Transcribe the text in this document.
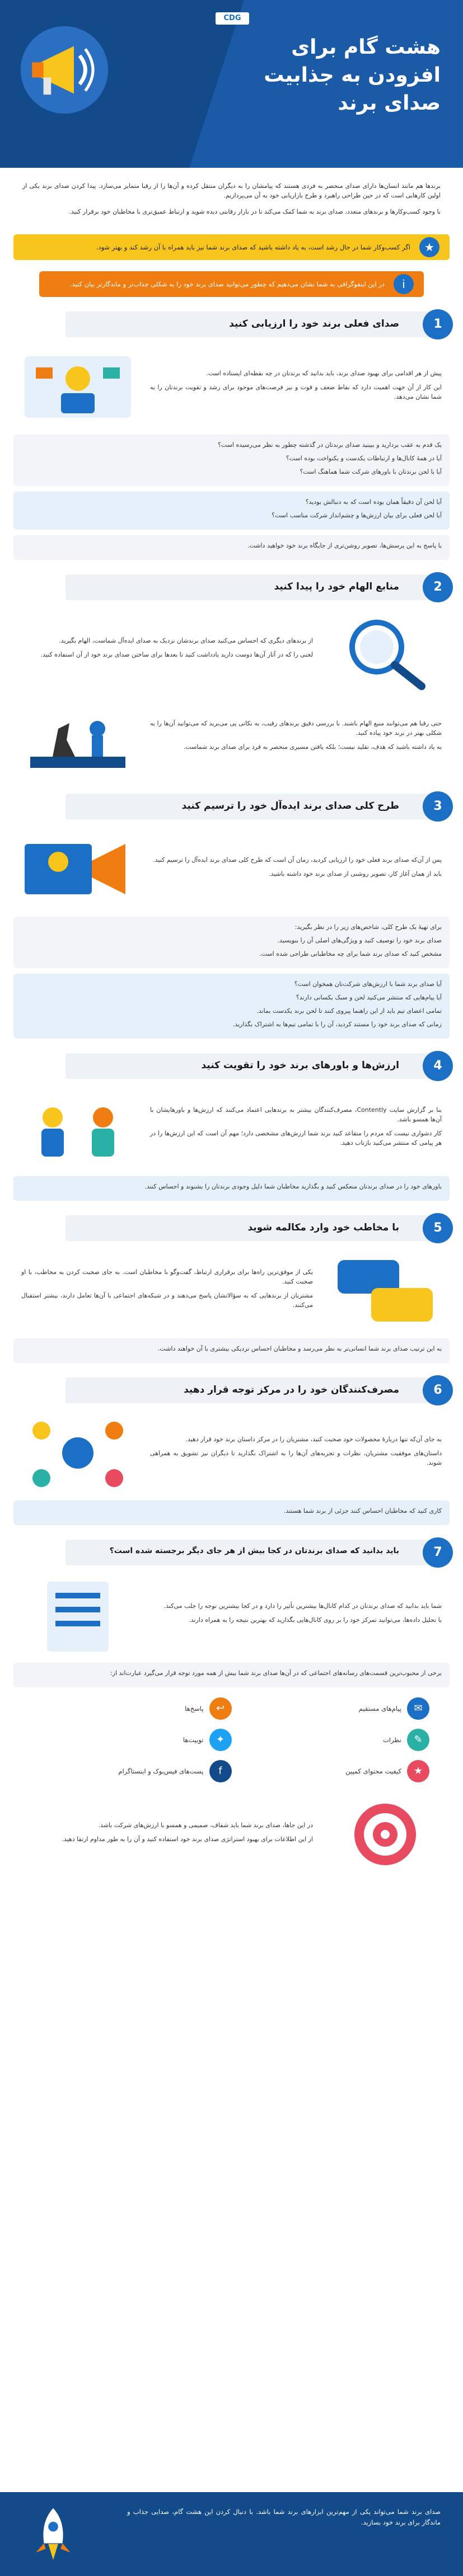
CDG
هشت گام برای افزودن به جذابیت صدای برند

برندها هم مانند انسان‌ها دارای صدای منحصر به فردی هستند که پیامشان را به دیگران منتقل کرده و آن‌ها را از رقبا متمایز می‌سازد. پیدا کردن صدای برند یکی از اولین کارهایی است که در حین طراحی راهبرد و طرح بازاریابی خود به آن می‌پردازیم.

با وجود کسب‌وکارها و برندهای متعدد، صدای برند به شما کمک می‌کند تا در بازار رقابتی دیده شوید و ارتباط عمیق‌تری با مخاطبان خود برقرار کنید.

★
اگر کسب‌وکار شما در حال رشد است، به یاد داشته باشید که صدای برند شما نیز باید همراه با آن رشد کند و بهتر شود.
i
در این اینفوگرافی به شما نشان می‌دهیم که چطور می‌توانید صدای برند خود را به شکلی جذاب‌تر و ماندگارتر بیان کنید.
1
صدای فعلی برند خود را ارزیابی کنید

پیش از هر اقدامی برای بهبود صدای برند، باید بدانید که برندتان در چه نقطه‌ای ایستاده است.

این کار از آن جهت اهمیت دارد که نقاط ضعف و قوت و نیز فرصت‌های موجود برای رشد و تقویت برندتان را به شما نشان می‌دهد.

یک قدم به عقب بردارید و ببینید صدای برندتان در گذشته چطور به نظر می‌رسیده است؟

آیا در همهٔ کانال‌ها و ارتباطات یکدست و یکنواخت بوده است؟

آیا با لحن برندتان با باورهای شرکت شما هماهنگ است؟

آیا لحن آن دقیقاً همان بوده است که به دنبالش بودید؟

آیا لحن فعلی برای بیان ارزش‌ها و چشم‌انداز شرکت مناسب است؟

با پاسخ به این پرسش‌ها، تصویر روشن‌تری از جایگاه برند خود خواهید داشت.

2
منابع الهام خود را پیدا کنید

از برندهای دیگری که احساس می‌کنید صدای برندشان نزدیک به صدای ایده‌آل شماست، الهام بگیرید.

لحنی را که در آثار آن‌ها دوست دارید یادداشت کنید تا بعدها برای ساختن صدای برند خود از آن استفاده کنید.

حتی رقبا هم می‌توانند منبع الهام باشند. با بررسی دقیق برندهای رقیب، به نکاتی پی می‌برید که می‌توانید آن‌ها را به شکلی بهتر در برند خود پیاده کنید.

به یاد داشته باشید که هدف، تقلید نیست؛ بلکه یافتن مسیری منحصر به فرد برای صدای برند شماست.

3
طرح کلی صدای برند ایده‌آل خود را ترسیم کنید

پس از آن‌که صدای برند فعلی خود را ارزیابی کردید، زمان آن است که طرح کلی صدای برند ایده‌آل را ترسیم کنید.

باید از همان آغاز کار، تصویر روشنی از صدای برند خود داشته باشید.

برای تهیهٔ یک طرح کلی، شاخص‌های زیر را در نظر بگیرید:

صدای برند خود را توصیف کنید و ویژگی‌های اصلی آن را بنویسید.

مشخص کنید که صدای برند شما برای چه مخاطبانی طراحی شده است.

آیا صدای برند شما با ارزش‌های شرکت‌تان همخوان است؟

آیا پیام‌هایی که منتشر می‌کنید لحن و سبک یکسانی دارند؟

تمامی اعضای تیم باید از این راهنما پیروی کنند تا لحن برند یکدست بماند.

زمانی که صدای برند خود را مستند کردید، آن را با تمامی تیم‌ها به اشتراک بگذارید.

4
ارزش‌ها و باورهای برند خود را تقویت کنید

بنا بر گزارش سایت Contently، مصرف‌کنندگان بیشتر به برندهایی اعتماد می‌کنند که ارزش‌ها و باورهایشان با آن‌ها همسو باشد.

کار دشواری نیست که مردم را متقاعد کنید برند شما ارزش‌های مشخصی دارد؛ مهم آن است که این ارزش‌ها را در هر پیامی که منتشر می‌کنید بازتاب دهید.

باورهای خود را در صدای برندتان منعکس کنید و بگذارید مخاطبان شما دلیل وجودی برندتان را بشنوند و احساس کنند.

5
با مخاطب خود وارد مکالمه شوید

یکی از موفق‌ترین راه‌ها برای برقراری ارتباط، گفت‌وگو با مخاطبان است. به جای صحبت کردن به مخاطب، با او صحبت کنید.

مشتریان از برندهایی که به سؤالاتشان پاسخ می‌دهند و در شبکه‌های اجتماعی با آن‌ها تعامل دارند، بیشتر استقبال می‌کنند.

به این ترتیب صدای برند شما انسانی‌تر به نظر می‌رسد و مخاطبان احساس نزدیکی بیشتری با آن خواهند داشت.

6
مصرف‌کنندگان خود را در مرکز توجه قرار دهید

به جای آن‌که تنها دربارهٔ محصولات خود صحبت کنید، مشتریان را در مرکز داستان برند خود قرار دهید.

داستان‌های موفقیت مشتریان، نظرات و تجربه‌های آن‌ها را به اشتراک بگذارید تا دیگران نیز تشویق به همراهی شوند.

کاری کنید که مخاطبان احساس کنند جزئی از برند شما هستند.

7
باید بدانید که صدای برندتان در کجا بیش از هر جای دیگر برجسته شده است؟

شما باید بدانید که صدای برندتان در کدام کانال‌ها بیشترین تأثیر را دارد و در کجا بیشترین توجه را جلب می‌کند.

با تحلیل داده‌ها، می‌توانید تمرکز خود را بر روی کانال‌هایی بگذارید که بهترین نتیجه را به همراه دارند.

برخی از محبوب‌ترین قسمت‌های رسانه‌های اجتماعی که در آن‌ها صدای برند شما بیش از همه مورد توجه قرار می‌گیرد عبارت‌اند از:

✉
پیام‌های مستقیم
↩
پاسخ‌ها
✎
نظرات
✦
توییت‌ها
★
کیفیت محتوای کمپین
f
پست‌های فیس‌بوک و اینستاگرام

در این جاها، صدای برند شما باید شفاف، صمیمی و همسو با ارزش‌های شرکت باشد.

از این اطلاعات برای بهبود استراتژی صدای برند خود استفاده کنید و آن را به طور مداوم ارتقا دهید.

صدای برند شما می‌تواند یکی از مهم‌ترین ابزارهای برند شما باشد. با دنبال کردن این هشت گام، صدایی جذاب و ماندگار برای برند خود بسازید.
